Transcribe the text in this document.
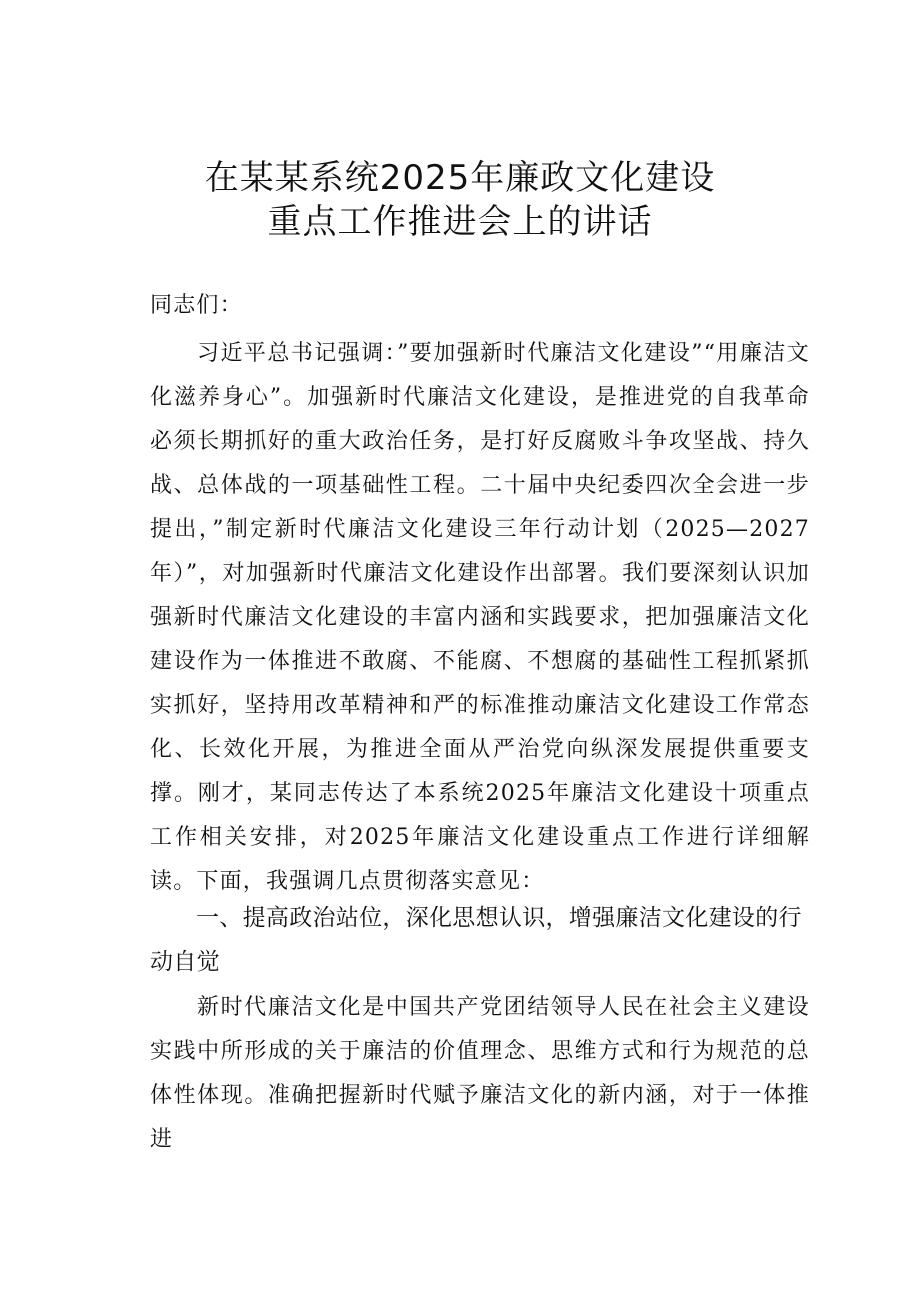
在某某系统2025年廉政文化建设
重点工作推进会上的讲话
同志们：
习近平总书记强调：”要加强新时代廉洁文化建设”“用廉洁文化滋养身心”。加强新时代廉洁文化建设，是推进党的自我革命必须长期抓好的重大政治任务，是打好反腐败斗争攻坚战、持久战、总体战的一项基础性工程。二十届中央纪委四次全会进一步提出，”制定新时代廉洁文化建设三年行动计划（2025—2027年）”，对加强新时代廉洁文化建设作出部署。我们要深刻认识加强新时代廉洁文化建设的丰富内涵和实践要求，把加强廉洁文化建设作为一体推进不敢腐、不能腐、不想腐的基础性工程抓紧抓实抓好，坚持用改革精神和严的标准推动廉洁文化建设工作常态化、长效化开展，为推进全面从严治党向纵深发展提供重要支撑。刚才，某同志传达了本系统2025年廉洁文化建设十项重点工作相关安排，对2025年廉洁文化建设重点工作进行详细解读。下面，我强调几点贯彻落实意见：
一、提高政治站位，深化思想认识，增强廉洁文化建设的行动自觉
新时代廉洁文化是中国共产党团结领导人民在社会主义建设实践中所形成的关于廉洁的价值理念、思维方式和行为规范的总体性体现。准确把握新时代赋予廉洁文化的新内涵，对于一体推进
